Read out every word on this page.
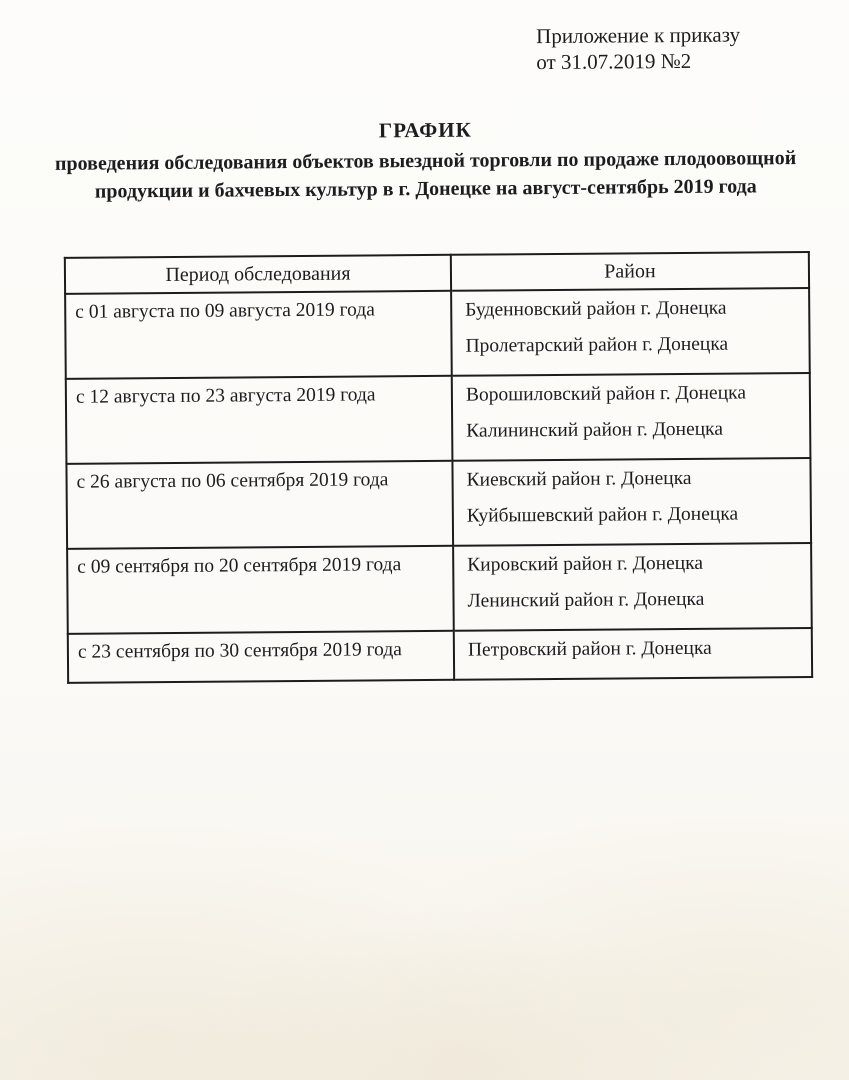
Приложение к приказу
от 31.07.2019 №2
ГРАФИК
проведения обследования объектов выездной торговли по продаже плодоовощной
продукции и бахчевых культур в г. Донецке на август-сентябрь 2019 года
Период обследования	Район
с 01 августа по 09 августа 2019 года	Буденновский район г. Донецка

Пролетарский район г. Донецка

с 12 августа по 23 августа 2019 года	Ворошиловский район г. Донецка

Калининский район г. Донецка

с 26 августа по 06 сентября 2019 года	Киевский район г. Донецка

Куйбышевский район г. Донецка

с 09 сентября по 20 сентября 2019 года	Кировский район г. Донецка

Ленинский район г. Донецка

с 23 сентября по 30 сентября 2019 года	Петровский район г. Донецка
